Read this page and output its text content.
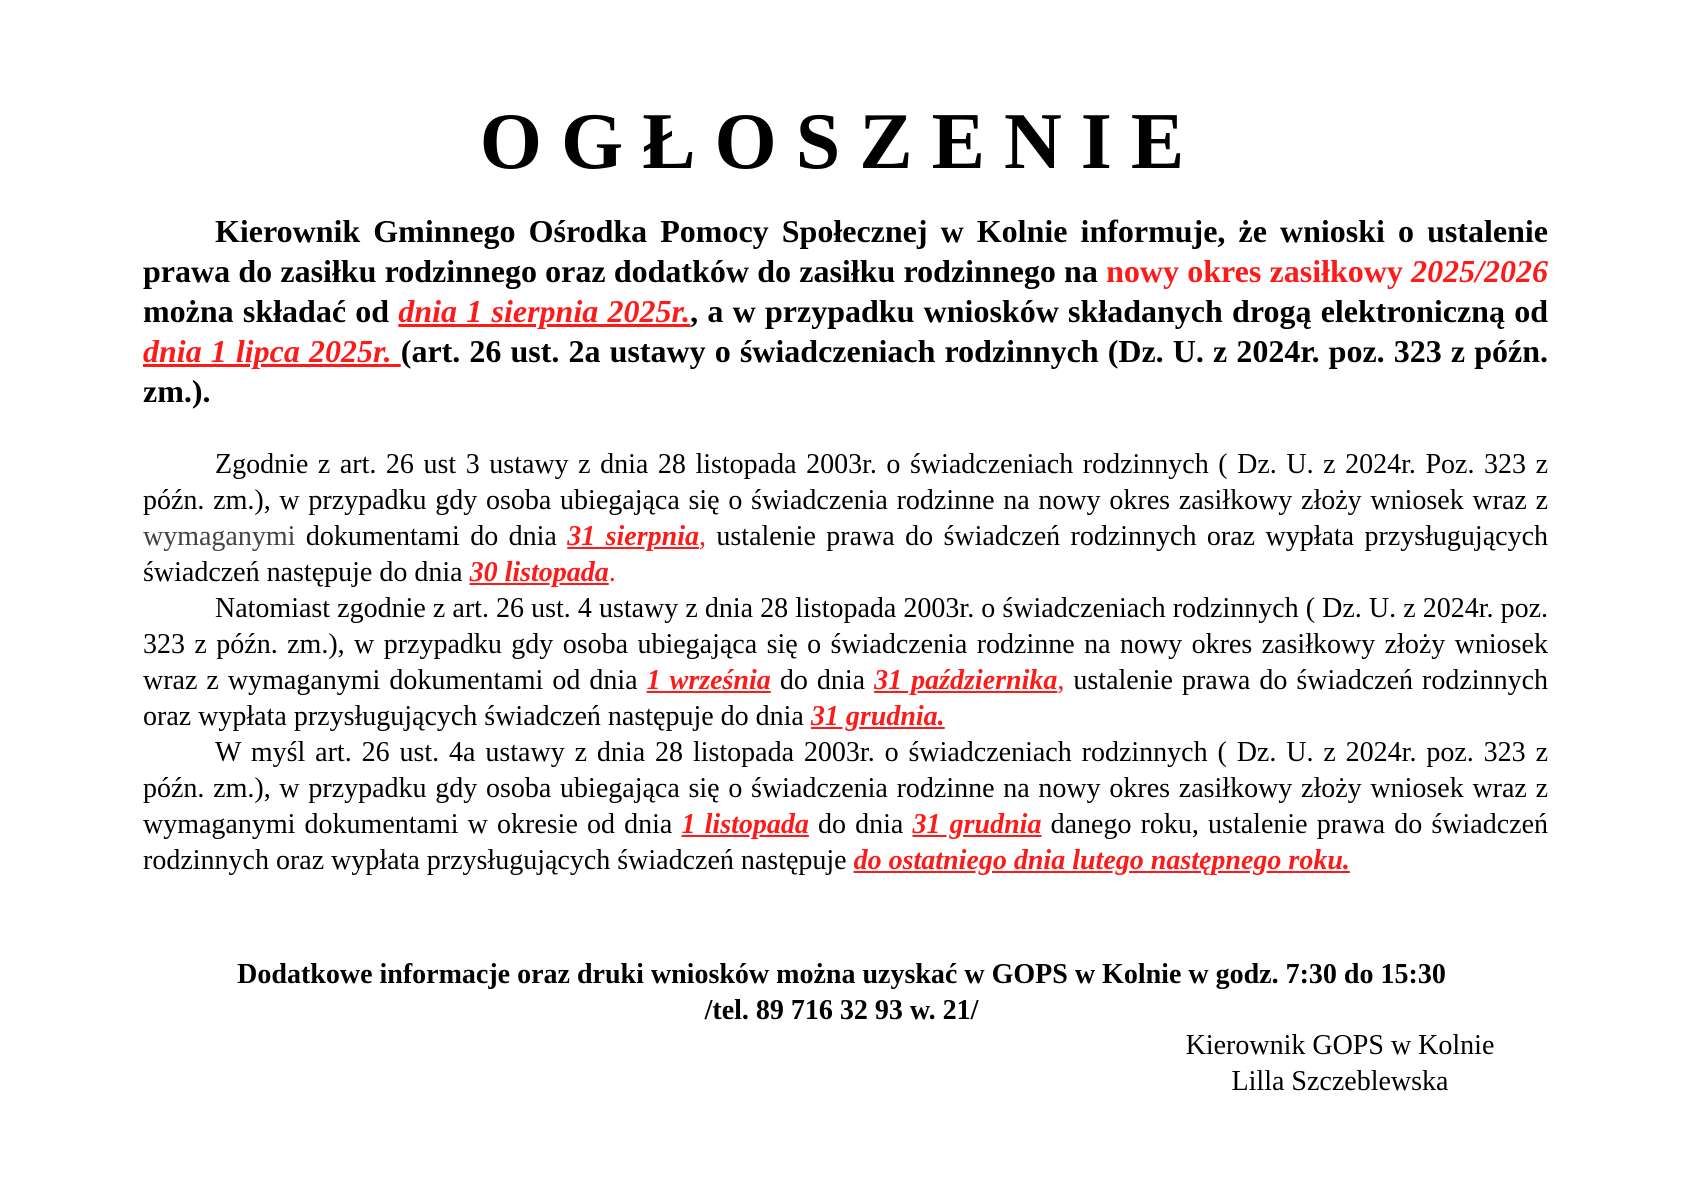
OGŁOSZENIE

Kierownik Gminnego Ośrodka Pomocy Społecznej w Kolnie informuje, że wnioski o ustalenie prawa do zasiłku rodzinnego oraz dodatków do zasiłku rodzinnego na nowy okres zasiłkowy 2025/2026 można składać od dnia 1 sierpnia 2025r., a w przypadku wniosków składanych drogą elektroniczną od dnia 1 lipca 2025r. (art. 26 ust. 2a ustawy o świadczeniach rodzinnych (Dz. U. z 2024r. poz. 323 z późn. zm.).

Zgodnie z art. 26 ust 3 ustawy z dnia 28 listopada 2003r. o świadczeniach rodzinnych ( Dz. U. z 2024r. Poz. 323 z późn. zm.), w przypadku gdy osoba ubiegająca się o świadczenia rodzinne na nowy okres zasiłkowy złoży wniosek wraz z wymaganymi dokumentami do dnia 31 sierpnia, ustalenie prawa do świadczeń rodzinnych oraz wypłata przysługujących świadczeń następuje do dnia 30 listopada.

Natomiast zgodnie z art. 26 ust. 4 ustawy z dnia 28 listopada 2003r. o świadczeniach rodzinnych ( Dz. U. z 2024r. poz. 323 z późn. zm.), w przypadku gdy osoba ubiegająca się o świadczenia rodzinne na nowy okres zasiłkowy złoży wniosek wraz z wymaganymi dokumentami od dnia 1 września do dnia 31 października, ustalenie prawa do świadczeń rodzinnych oraz wypłata przysługujących świadczeń następuje do dnia 31 grudnia.

W myśl art. 26 ust. 4a ustawy z dnia 28 listopada 2003r. o świadczeniach rodzinnych ( Dz. U. z 2024r. poz. 323 z późn. zm.), w przypadku gdy osoba ubiegająca się o świadczenia rodzinne na nowy okres zasiłkowy złoży wniosek wraz z wymaganymi dokumentami w okresie od dnia 1 listopada do dnia 31 grudnia danego roku, ustalenie prawa do świadczeń rodzinnych oraz wypłata przysługujących świadczeń następuje do ostatniego dnia lutego następnego roku.

Dodatkowe informacje oraz druki wniosków można uzyskać w GOPS w Kolnie w godz. 7:30 do 15:30
/tel. 89 716 32 93 w. 21/
Kierownik GOPS w Kolnie
Lilla Szczeblewska
